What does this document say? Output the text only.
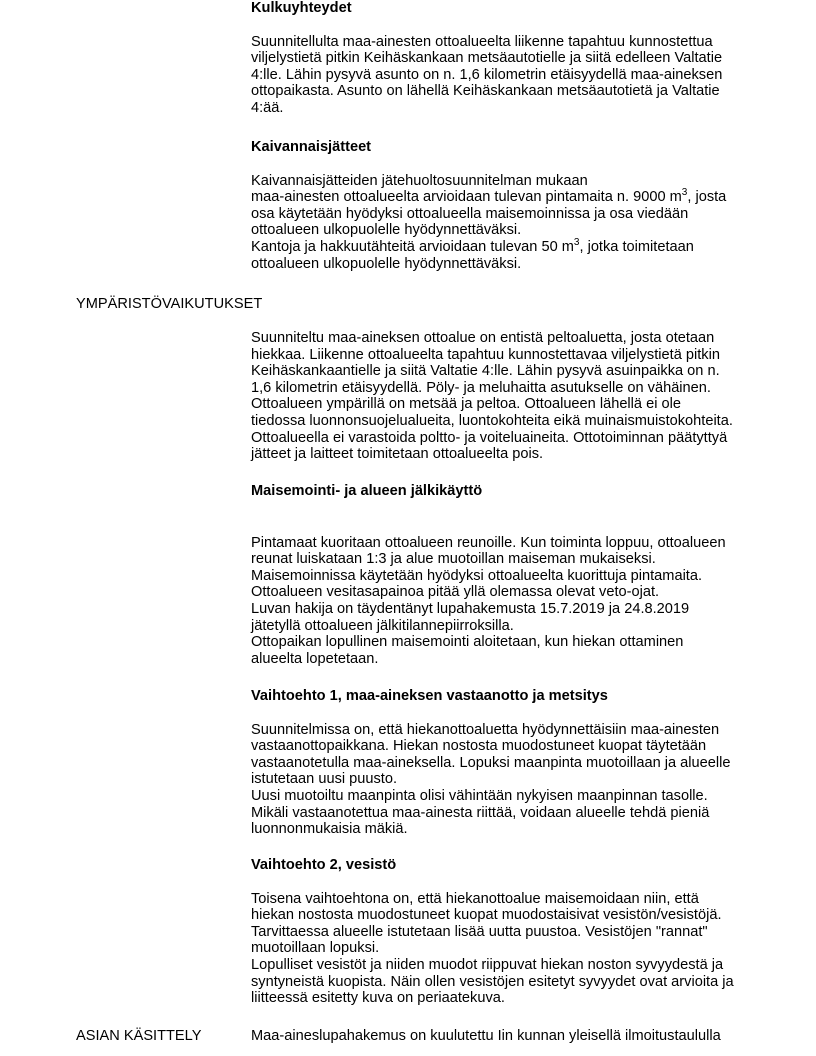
Kulkuyhteydet

Suunnitellulta maa-ainesten ottoalueelta liikenne tapahtuu kunnostettua

viljelystietä pitkin Keihäskankaan metsäautotielle ja siitä edelleen Valtatie

4:lle. Lähin pysyvä asunto on n. 1,6 kilometrin etäisyydellä maa-aineksen

ottopaikasta. Asunto on lähellä Keihäskankaan metsäautotietä ja Valtatie

4:ää.

Kaivannaisjätteet

Kaivannaisjätteiden jätehuoltosuunnitelman mukaan

maa-ainesten ottoalueelta arvioidaan tulevan pintamaita n. 9000 $m^3$, josta

osa käytetään hyödyksi ottoalueella maisemoinnissa ja osa viedään

ottoalueen ulkopuolelle hyödynnettäväksi.

Kantoja ja hakkuutähteitä arvioidaan tulevan 50 $m^3$, jotka toimitetaan

ottoalueen ulkopuolelle hyödynnettäväksi.

YMPÄRISTÖVAIKUTUKSET

Suunniteltu maa-aineksen ottoalue on entistä peltoaluetta, josta otetaan

hiekkaa. Liikenne ottoalueelta tapahtuu kunnostettavaa viljelystietä pitkin

Keihäskankaantielle ja siitä Valtatie 4:lle. Lähin pysyvä asuinpaikka on n.

1,6 kilometrin etäisyydellä. Pöly- ja meluhaitta asutukselle on vähäinen.

Ottoalueen ympärillä on metsää ja peltoa. Ottoalueen lähellä ei ole

tiedossa luonnonsuojelualueita, luontokohteita eikä muinaismuistokohteita.

Ottoalueella ei varastoida poltto- ja voiteluaineita. Ottotoiminnan päätyttyä

jätteet ja laitteet toimitetaan ottoalueelta pois.

Maisemointi- ja alueen jälkikäyttö

Pintamaat kuoritaan ottoalueen reunoille. Kun toiminta loppuu, ottoalueen

reunat luiskataan 1:3 ja alue muotoillan maiseman mukaiseksi.

Maisemoinnissa käytetään hyödyksi ottoalueelta kuorittuja pintamaita.

Ottoalueen vesitasapainoa pitää yllä olemassa olevat veto-ojat.

Luvan hakija on täydentänyt lupahakemusta 15.7.2019 ja 24.8.2019

jätetyllä ottoalueen jälkitilannepiirroksilla.

Ottopaikan lopullinen maisemointi aloitetaan, kun hiekan ottaminen

alueelta lopetetaan.

Vaihtoehto 1, maa-aineksen vastaanotto ja metsitys

Suunnitelmissa on, että hiekanottoaluetta hyödynnettäisiin maa-ainesten

vastaanottopaikkana. Hiekan nostosta muodostuneet kuopat täytetään

vastaanotetulla maa-aineksella. Lopuksi maanpinta muotoillaan ja alueelle

istutetaan uusi puusto.

Uusi muotoiltu maanpinta olisi vähintään nykyisen maanpinnan tasolle.

Mikäli vastaanotettua maa-ainesta riittää, voidaan alueelle tehdä pieniä

luonnonmukaisia mäkiä.

Vaihtoehto 2, vesistö

Toisena vaihtoehtona on, että hiekanottoalue maisemoidaan niin, että

hiekan nostosta muodostuneet kuopat muodostaisivat vesistön/vesistöjä.

Tarvittaessa alueelle istutetaan lisää uutta puustoa. Vesistöjen "rannat"

muotoillaan lopuksi.

Lopulliset vesistöt ja niiden muodot riippuvat hiekan noston syvyydestä ja

syntyneistä kuopista. Näin ollen vesistöjen esitetyt syvyydet ovat arvioita ja

liitteessä esitetty kuva on periaatekuva.

ASIAN KÄSITTELY	Maa-aineslupahakemus on kuulutettu Iin kunnan yleisellä ilmoitustaululla
